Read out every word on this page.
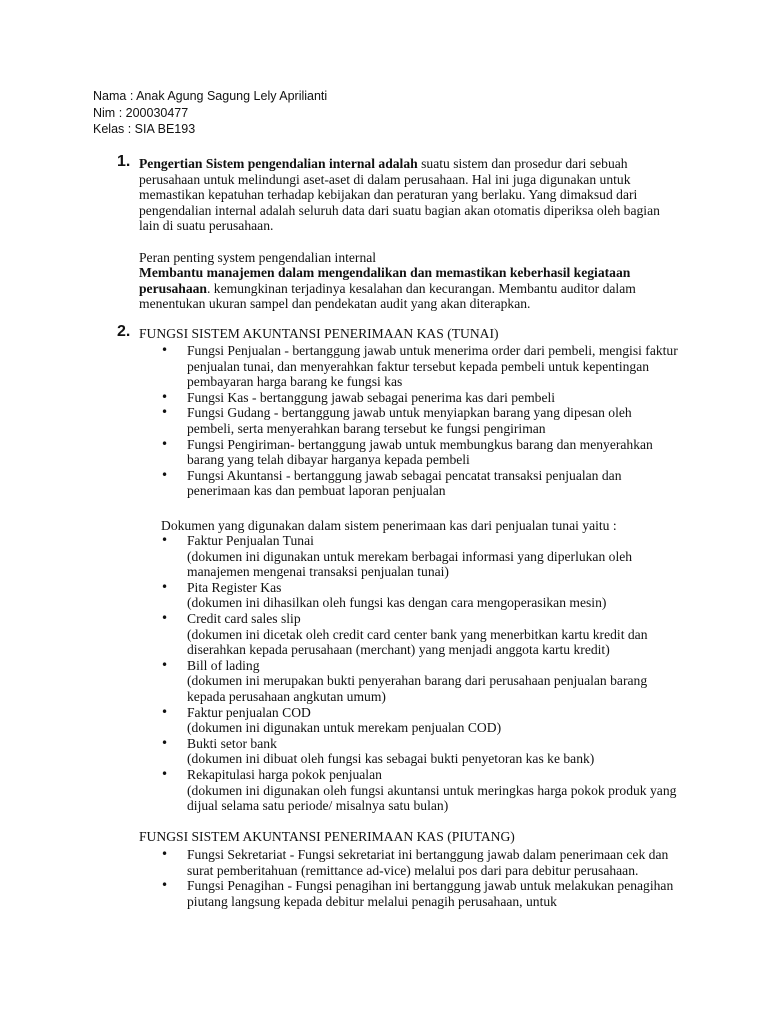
Nama : Anak Agung Sagung Lely Aprilianti
Nim : 200030477
Kelas : SIA BE193
1. Pengertian Sistem pengendalian internal adalah suatu sistem dan prosedur dari sebuah perusahaan untuk melindungi aset-aset di dalam perusahaan. Hal ini juga digunakan untuk memastikan kepatuhan terhadap kebijakan dan peraturan yang berlaku. Yang dimaksud dari pengendalian internal adalah seluruh data dari suatu bagian akan otomatis diperiksa oleh bagian lain di suatu perusahaan.

Peran penting system pengendalian internal

Membantu manajemen dalam mengendalikan dan memastikan keberhasil kegiataan perusahaan. kemungkinan terjadinya kesalahan dan kecurangan. Membantu auditor dalam menentukan ukuran sampel dan pendekatan audit yang akan diterapkan.

2. FUNGSI SISTEM AKUNTANSI PENERIMAAN KAS (TUNAI)
• Fungsi Penjualan - bertanggung jawab untuk menerima order dari pembeli, mengisi faktur penjualan tunai, dan menyerahkan faktur tersebut kepada pembeli untuk kepentingan pembayaran harga barang ke fungsi kas
• Fungsi Kas - bertanggung jawab sebagai penerima kas dari pembeli
• Fungsi Gudang - bertanggung jawab untuk menyiapkan barang yang dipesan oleh pembeli, serta menyerahkan barang tersebut ke fungsi pengiriman
• Fungsi Pengiriman- bertanggung jawab untuk membungkus barang dan menyerahkan barang yang telah dibayar harganya kepada pembeli
• Fungsi Akuntansi - bertanggung jawab sebagai pencatat transaksi penjualan dan penerimaan kas dan pembuat laporan penjualan
Dokumen yang digunakan dalam sistem penerimaan kas dari penjualan tunai yaitu :
• Faktur Penjualan Tunai
(dokumen ini digunakan untuk merekam berbagai informasi yang diperlukan oleh manajemen mengenai transaksi penjualan tunai)
• Pita Register Kas
(dokumen ini dihasilkan oleh fungsi kas dengan cara mengoperasikan mesin)
• Credit card sales slip
(dokumen ini dicetak oleh credit card center bank yang menerbitkan kartu kredit dan diserahkan kepada perusahaan (merchant) yang menjadi anggota kartu kredit)
• Bill of lading
(dokumen ini merupakan bukti penyerahan barang dari perusahaan penjualan barang kepada perusahaan angkutan umum)
• Faktur penjualan COD
(dokumen ini digunakan untuk merekam penjualan COD)
• Bukti setor bank
(dokumen ini dibuat oleh fungsi kas sebagai bukti penyetoran kas ke bank)
• Rekapitulasi harga pokok penjualan
(dokumen ini digunakan oleh fungsi akuntansi untuk meringkas harga pokok produk yang dijual selama satu periode/ misalnya satu bulan)
FUNGSI SISTEM AKUNTANSI PENERIMAAN KAS (PIUTANG)
• Fungsi Sekretariat - Fungsi sekretariat ini bertanggung jawab dalam penerimaan cek dan surat pemberitahuan (remittance ad-vice) melalui pos dari para debitur perusahaan.
• Fungsi Penagihan - Fungsi penagihan ini bertanggung jawab untuk melakukan penagihan piutang langsung kepada debitur melalui penagih perusahaan, untuk
